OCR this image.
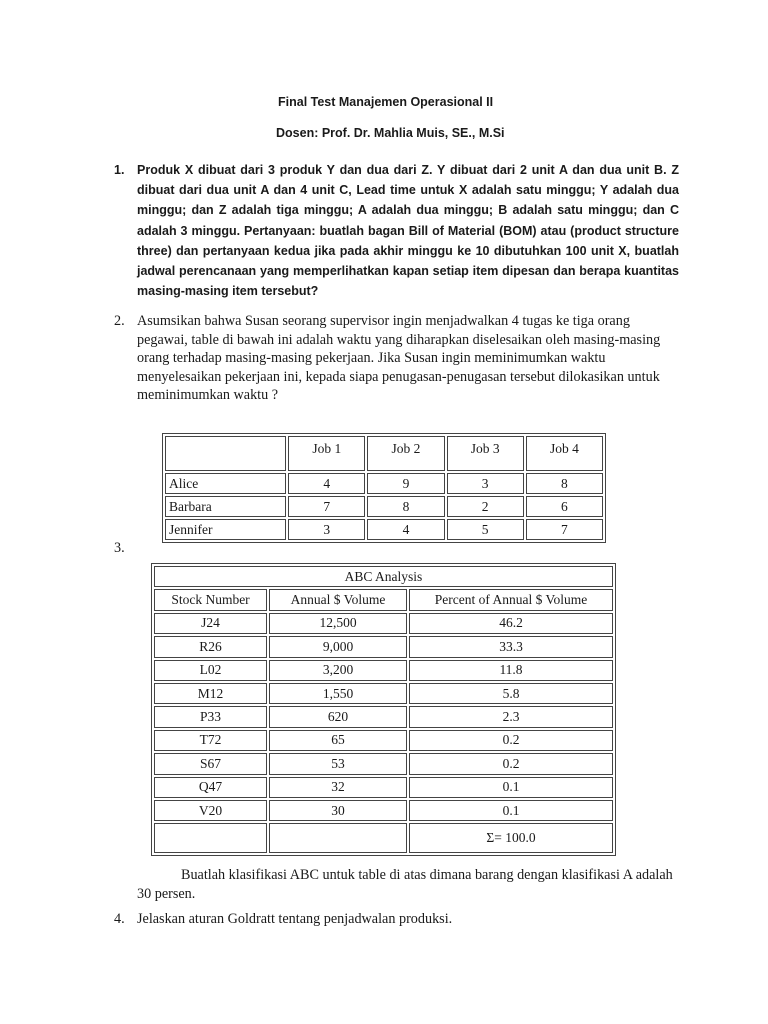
Final Test Manajemen Operasional II
Dosen: Prof. Dr. Mahlia Muis, SE., M.Si
1. Produk X dibuat dari 3 produk Y dan dua dari Z. Y dibuat dari 2 unit A dan dua unit B. Z dibuat dari dua unit A dan 4 unit C, Lead time untuk X adalah satu minggu; Y adalah dua minggu; dan Z adalah tiga minggu; A adalah dua minggu; B adalah satu minggu; dan C adalah 3 minggu. Pertanyaan: buatlah bagan Bill of Material (BOM) atau (product structure three) dan pertanyaan kedua jika pada akhir minggu ke 10 dibutuhkan 100 unit X, buatlah jadwal perencanaan yang memperlihatkan kapan setiap item dipesan dan berapa kuantitas masing-masing item tersebut?
2. Asumsikan bahwa Susan seorang supervisor ingin menjadwalkan 4 tugas ke tiga orang pegawai, table di bawah ini adalah waktu yang diharapkan diselesaikan oleh masing-masing orang terhadap masing-masing pekerjaan. Jika Susan ingin meminimumkan waktu menyelesaikan pekerjaan ini, kepada siapa penugasan-penugasan tersebut dilokasikan untuk meminimumkan waktu ?
	Job 1	Job 2	Job 3	Job 4
Alice	4	9	3	8
Barbara	7	8	2	6
Jennifer	3	4	5	7
3.
ABC Analysis		
Stock Number	Annual $ Volume	Percent of Annual $ Volume
J24	12,500	46.2
R26	9,000	33.3
L02	3,200	11.8
M12	1,550	5.8
P33	620	2.3
T72	65	0.2
S67	53	0.2
Q47	32	0.1
V20	30	0.1
		Σ= 100.0
Buatlah klasifikasi ABC untuk table di atas dimana barang dengan klasifikasi A adalah 30 persen.
4. Jelaskan aturan Goldratt tentang penjadwalan produksi.
